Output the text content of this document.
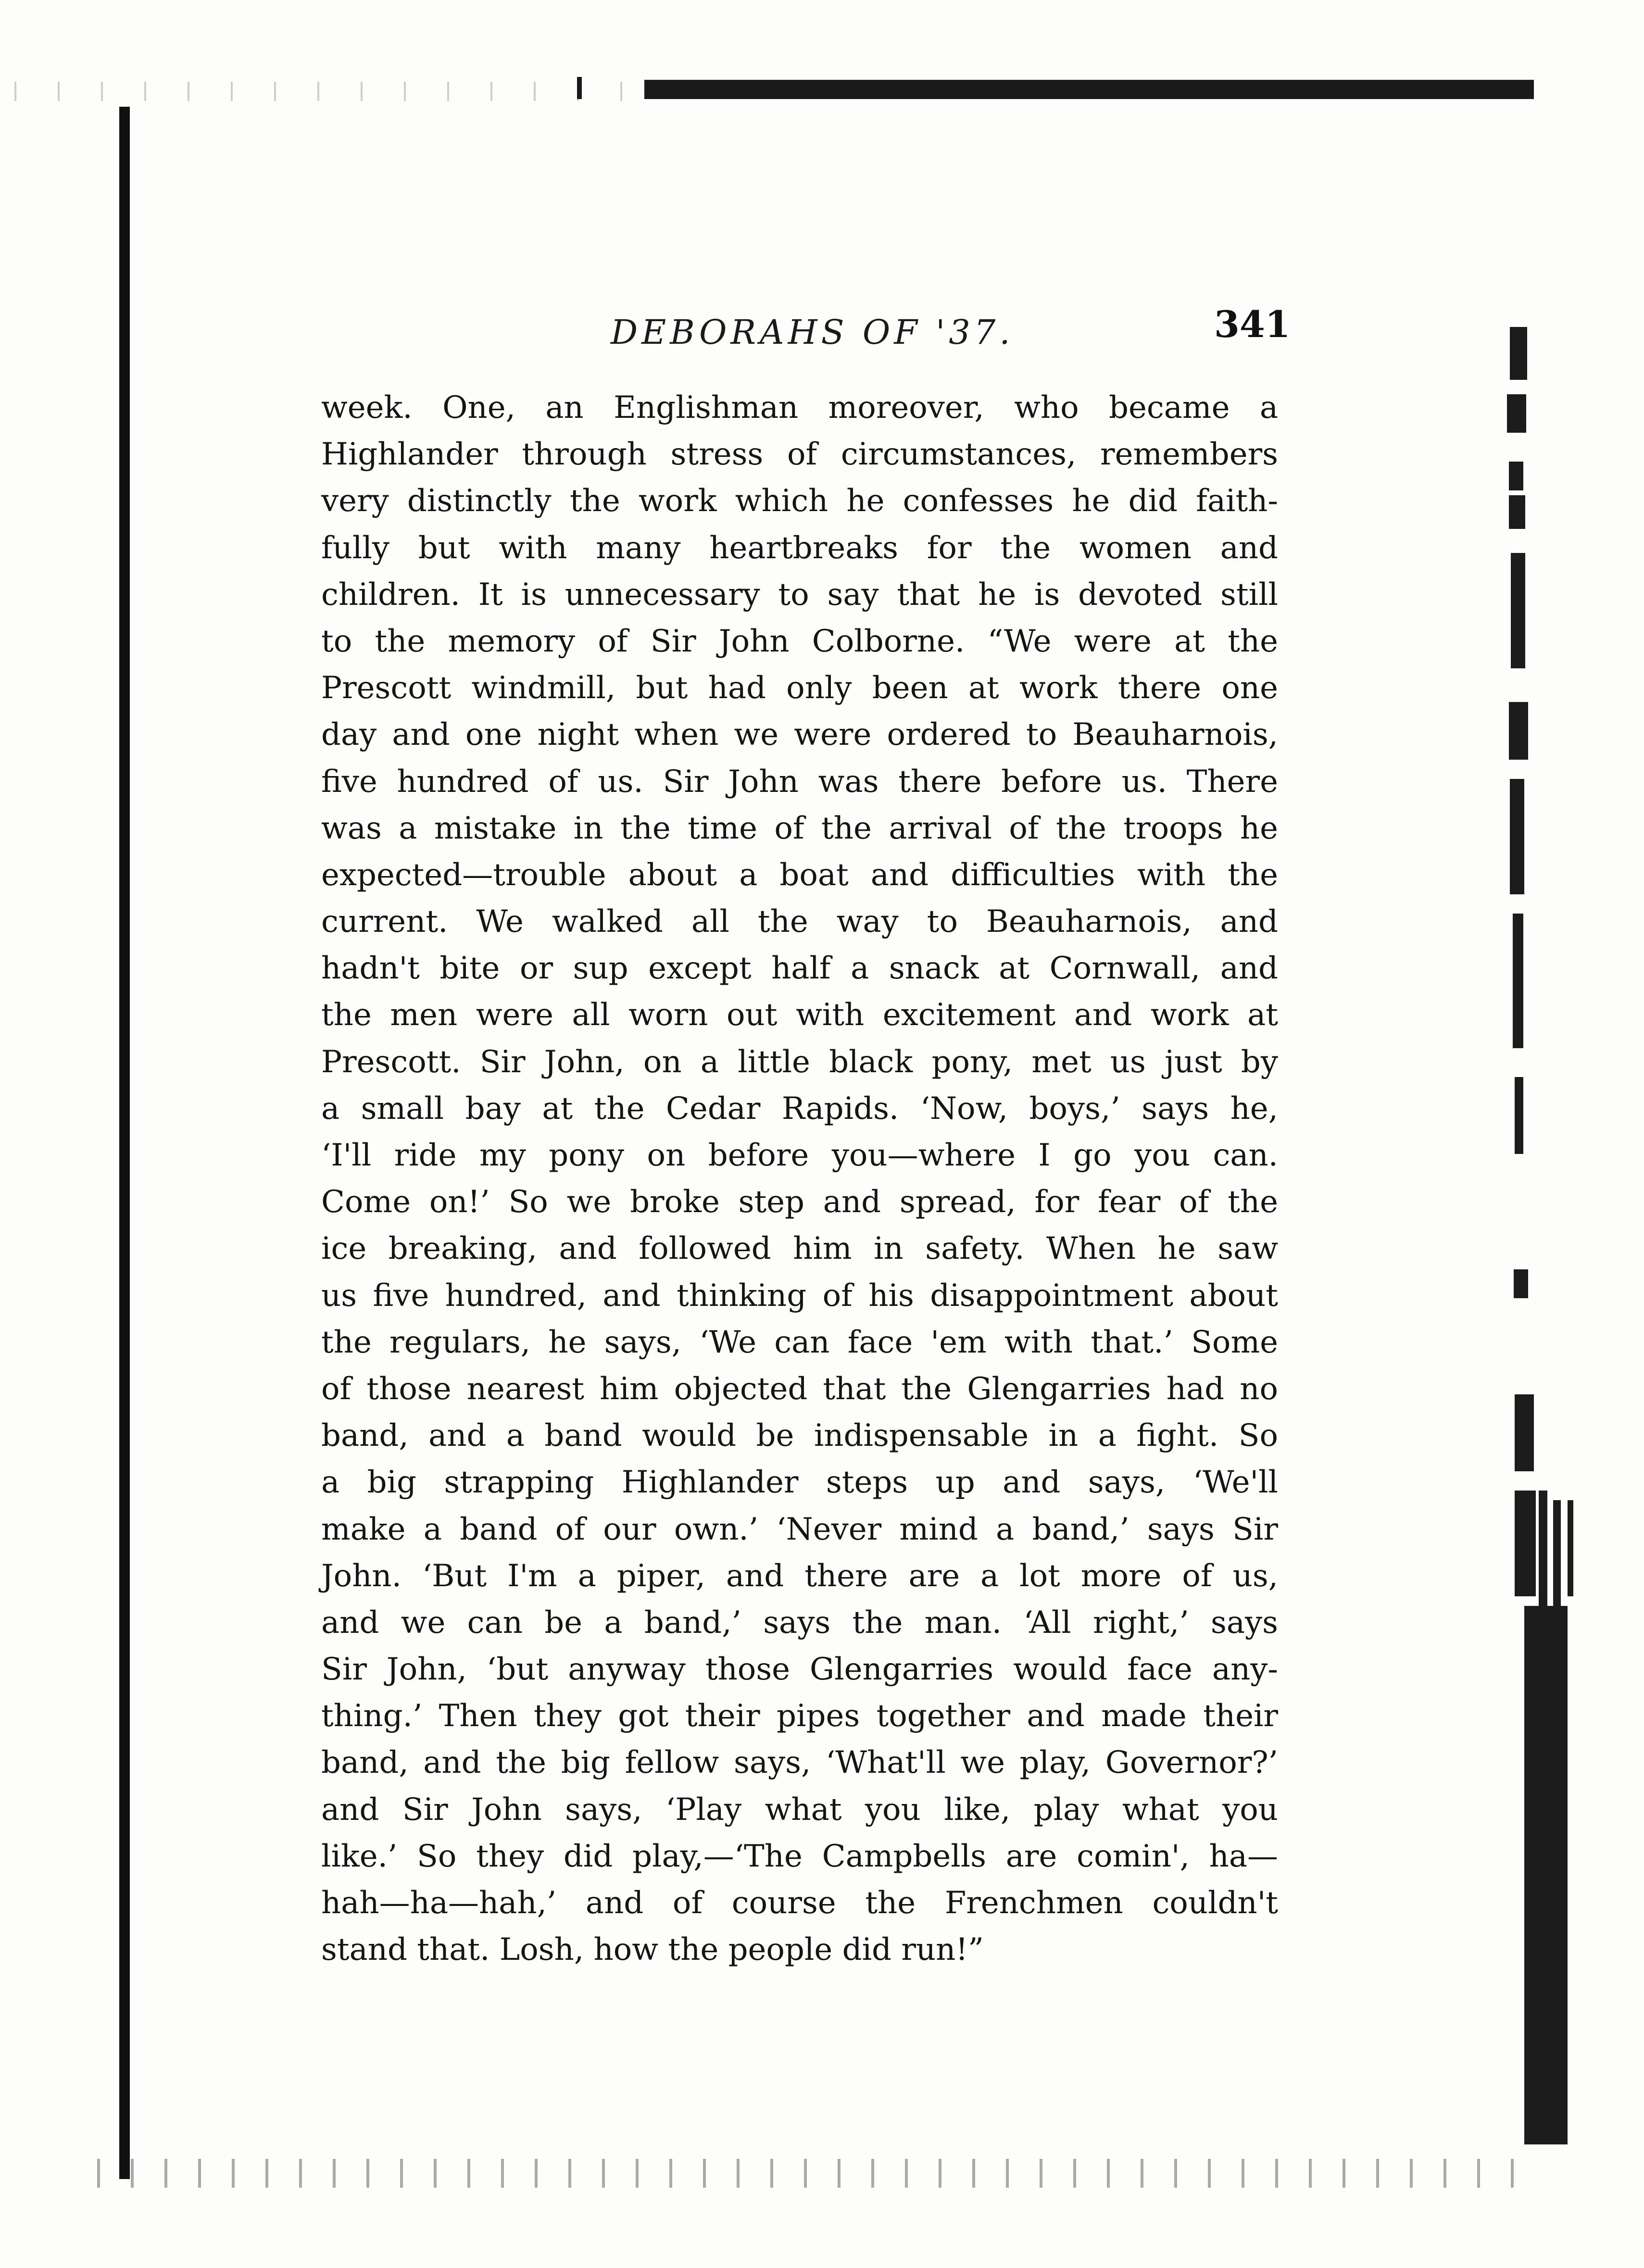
DEBORAHS OF '37.	341
week. One, an Englishman moreover, who became a
Highlander through stress of circumstances, remembers
very distinctly the work which he confesses he did faith-
fully but with many heartbreaks for the women and
children. It is unnecessary to say that he is devoted still
to the memory of Sir John Colborne. “We were at the
Prescott windmill, but had only been at work there one
day and one night when we were ordered to Beauharnois,
five hundred of us. Sir John was there before us. There
was a mistake in the time of the arrival of the troops he
expected—trouble about a boat and difficulties with the
current. We walked all the way to Beauharnois, and
hadn't bite or sup except half a snack at Cornwall, and
the men were all worn out with excitement and work at
Prescott. Sir John, on a little black pony, met us just by
a small bay at the Cedar Rapids. ‘Now, boys,’ says he,
‘I'll ride my pony on before you—where I go you can.
Come on!’ So we broke step and spread, for fear of the
ice breaking, and followed him in safety. When he saw
us five hundred, and thinking of his disappointment about
the regulars, he says, ‘We can face 'em with that.’ Some
of those nearest him objected that the Glengarries had no
band, and a band would be indispensable in a fight. So
a big strapping Highlander steps up and says, ‘We'll
make a band of our own.’ ‘Never mind a band,’ says Sir
John. ‘But I'm a piper, and there are a lot more of us,
and we can be a band,’ says the man. ‘All right,’ says
Sir John, ‘but anyway those Glengarries would face any-
thing.’ Then they got their pipes together and made their
band, and the big fellow says, ‘What'll we play, Governor?’
and Sir John says, ‘Play what you like, play what you
like.’ So they did play,—‘The Campbells are comin', ha—
hah—ha—hah,’ and of course the Frenchmen couldn't
stand that. Losh, how the people did run!”
